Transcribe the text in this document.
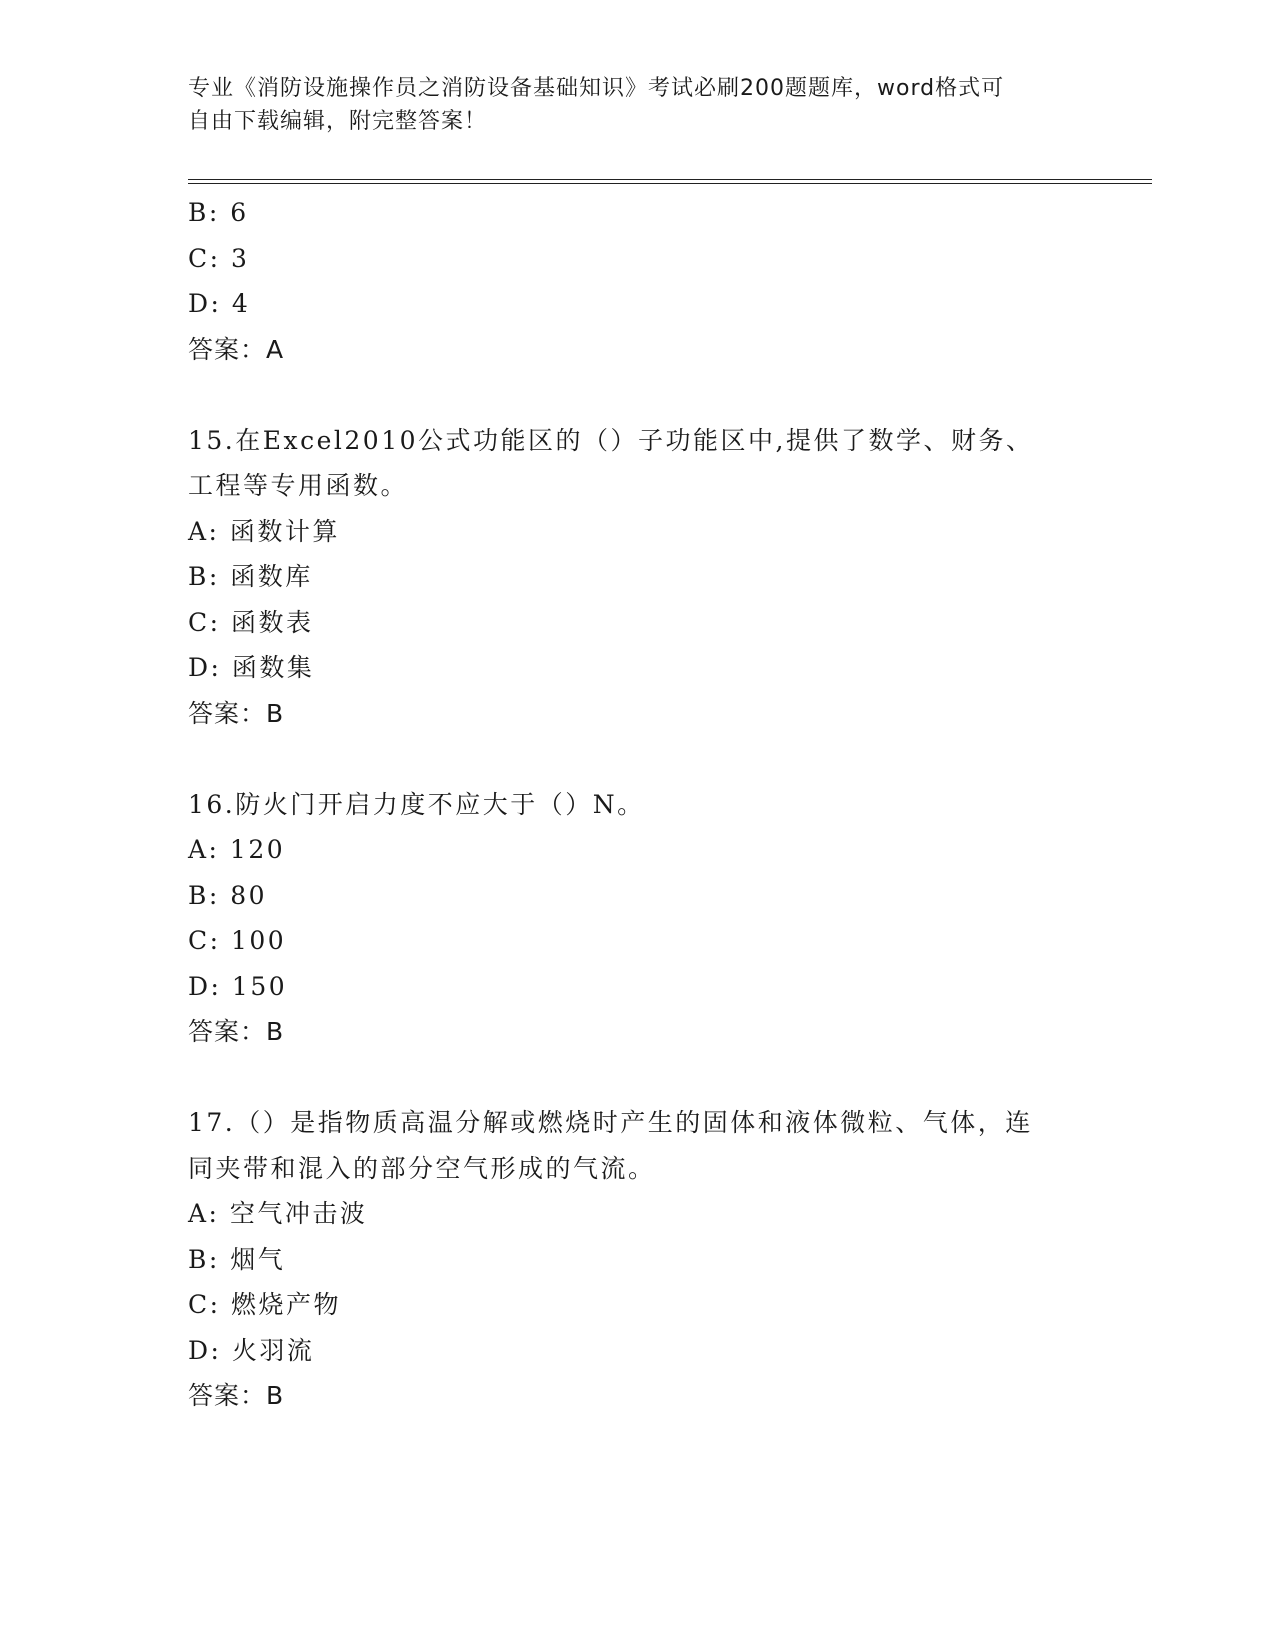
专业《消防设施操作员之消防设备基础知识》考试必刷200题题库，word格式可
自由下载编辑，附完整答案！
B: 6
C: 3
D: 4
答案：A
15.在Excel2010公式功能区的（）子功能区中,提供了数学、财务、
工程等专用函数。
A: 函数计算
B: 函数库
C: 函数表
D: 函数集
答案：B
16.防火门开启力度不应大于（）N。
A: 120
B: 80
C: 100
D: 150
答案：B
17.（）是指物质高温分解或燃烧时产生的固体和液体微粒、气体，连
同夹带和混入的部分空气形成的气流。
A: 空气冲击波
B: 烟气
C: 燃烧产物
D: 火羽流
答案：B
